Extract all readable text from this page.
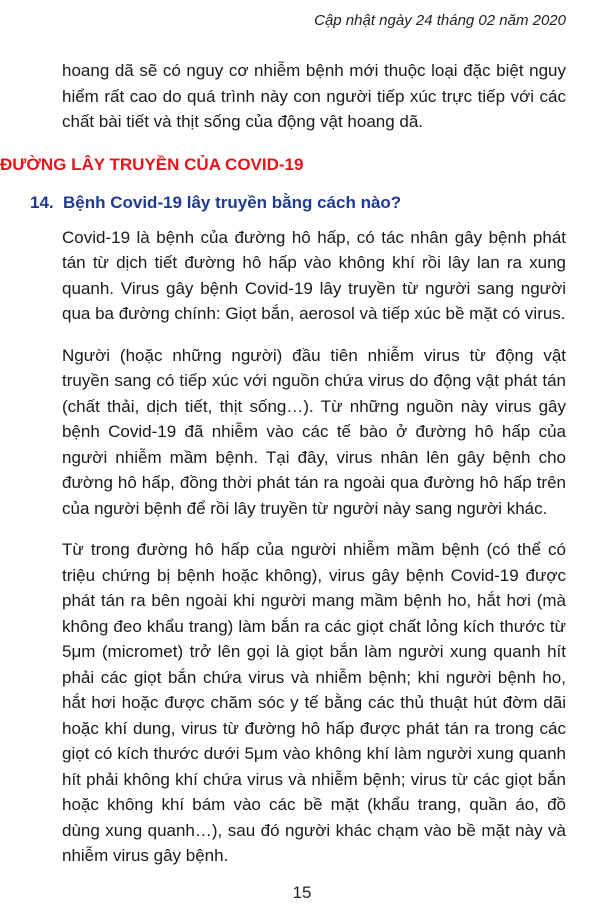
Cập nhật ngày 24 tháng 02 năm 2020

hoang dã sẽ có nguy cơ nhiễm bệnh mới thuộc loại đặc biệt nguy hiểm rất cao do quá trình này con người tiếp xúc trực tiếp với các chất bài tiết và thịt sống của động vật hoang dã.

ĐƯỜNG LÂY TRUYỀN CỦA COVID-19
14. Bệnh Covid-19 lây truyền bằng cách nào?

Covid-19 là bệnh của đường hô hấp, có tác nhân gây bệnh phát tán từ dịch tiết đường hô hấp vào không khí rồi lây lan ra xung quanh. Virus gây bệnh Covid-19 lây truyền từ người sang người qua ba đường chính: Giọt bắn, aerosol và tiếp xúc bề mặt có virus.

Người (hoặc những người) đầu tiên nhiễm virus từ động vật truyền sang có tiếp xúc với nguồn chứa virus do động vật phát tán (chất thải, dịch tiết, thịt sống…). Từ những nguồn này virus gây bệnh Covid-19 đã nhiễm vào các tế bào ở đường hô hấp của người nhiễm mầm bệnh. Tại đây, virus nhân lên gây bệnh cho đường hô hấp, đồng thời phát tán ra ngoài qua đường hô hấp trên của người bệnh để rồi lây truyền từ người này sang người khác.

Từ trong đường hô hấp của người nhiễm mầm bệnh (có thể có triệu chứng bị bệnh hoặc không), virus gây bệnh Covid-19 được phát tán ra bên ngoài khi người mang mầm bệnh ho, hắt hơi (mà không đeo khẩu trang) làm bắn ra các giọt chất lỏng kích thước từ 5μm (micromet) trở lên gọi là giọt bắn làm người xung quanh hít phải các giọt bắn chứa virus và nhiễm bệnh; khi người bệnh ho, hắt hơi hoặc được chăm sóc y tế bằng các thủ thuật hút đờm dãi hoặc khí dung, virus từ đường hô hấp được phát tán ra trong các giọt có kích thước dưới 5μm vào không khí làm người xung quanh hít phải không khí chứa virus và nhiễm bệnh; virus từ các giọt bắn hoặc không khí bám vào các bề mặt (khẩu trang, quần áo, đồ dùng xung quanh…), sau đó người khác chạm vào bề mặt này và nhiễm virus gây bệnh.

15
